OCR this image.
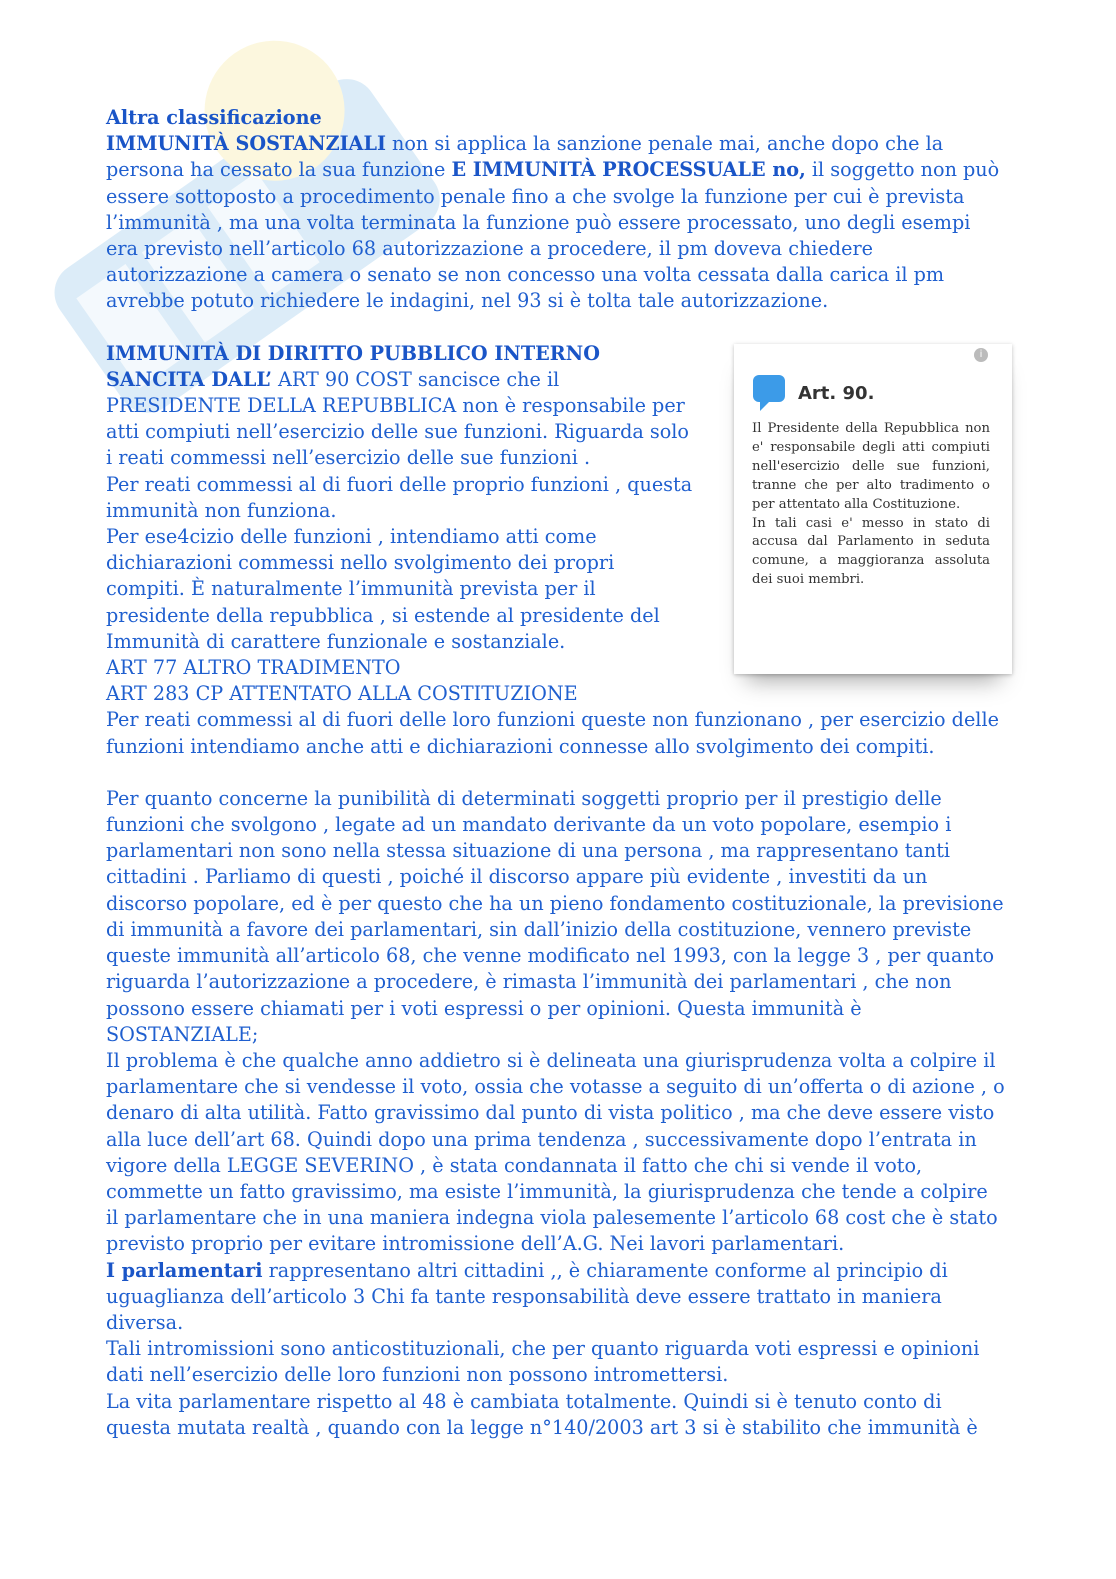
i
Art. 90.

Il Presidente della Repubblica non e' responsabile degli atti compiuti nell'esercizio delle sue funzioni, tranne che per alto tradimento o per attentato alla Costituzione.

In tali casi e' messo in stato di accusa dal Parlamento in seduta comune, a maggioranza assoluta dei suoi membri.

Altra classificazione

IMMUNITÀ SOSTANZIALI non si applica la sanzione penale mai, anche dopo che la persona ha cessato la sua funzione E IMMUNITÀ PROCESSUALE no, il soggetto non può essere sottoposto a procedimento penale fino a che svolge la funzione per cui è prevista l’immunità , ma una volta terminata la funzione può essere processato, uno degli esempi era previsto nell’articolo 68 autorizzazione a procedere, il pm doveva chiedere autorizzazione a camera o senato se non concesso una volta cessata dalla carica il pm avrebbe potuto richiedere le indagini, nel 93 si è tolta tale autorizzazione.

IMMUNITÀ DI DIRITTO PUBBLICO INTERNO SANCITA DALL’ ART 90 COST sancisce che il PRESIDENTE DELLA REPUBBLICA non è responsabile per atti compiuti nell’esercizio delle sue funzioni. Riguarda solo i reati commessi nell’esercizio delle sue funzioni .

Per reati commessi al di fuori delle proprio funzioni , questa immunità non funziona.

Per ese4cizio delle funzioni , intendiamo atti come dichiarazioni commessi nello svolgimento dei propri compiti. È naturalmente l’immunità prevista per il presidente della repubblica , si estende al presidente del Immunità di carattere funzionale e sostanziale.

ART 77 ALTRO TRADIMENTO

ART 283 CP ATTENTATO ALLA COSTITUZIONE

Per reati commessi al di fuori delle loro funzioni queste non funzionano , per esercizio delle funzioni intendiamo anche atti e dichiarazioni connesse allo svolgimento dei compiti.

Per quanto concerne la punibilità di determinati soggetti proprio per il prestigio delle funzioni che svolgono , legate ad un mandato derivante da un voto popolare, esempio i parlamentari non sono nella stessa situazione di una persona , ma rappresentano tanti cittadini . Parliamo di questi , poiché il discorso appare più evidente , investiti da un discorso popolare, ed è per questo che ha un pieno fondamento costituzionale, la previsione di immunità a favore dei parlamentari, sin dall’inizio della costituzione, vennero previste queste immunità all’articolo 68, che venne modificato nel 1993, con la legge 3 , per quanto riguarda l’autorizzazione a procedere, è rimasta l’immunità dei parlamentari , che non possono essere chiamati per i voti espressi o per opinioni. Questa immunità è SOSTANZIALE;

Il problema è che qualche anno addietro si è delineata una giurisprudenza volta a colpire il parlamentare che si vendesse il voto, ossia che votasse a seguito di un’offerta o di azione , o denaro di alta utilità. Fatto gravissimo dal punto di vista politico , ma che deve essere visto alla luce dell’art 68. Quindi dopo una prima tendenza , successivamente dopo l’entrata in vigore della LEGGE SEVERINO , è stata condannata il fatto che chi si vende il voto, commette un fatto gravissimo, ma esiste l’immunità, la giurisprudenza che tende a colpire il parlamentare che in una maniera indegna viola palesemente l’articolo 68 cost che è stato previsto proprio per evitare intromissione dell’A.G. Nei lavori parlamentari.

I parlamentari rappresentano altri cittadini ,, è chiaramente conforme al principio di uguaglianza dell’articolo 3 Chi fa tante responsabilità deve essere trattato in maniera diversa.

Tali intromissioni sono anticostituzionali, che per quanto riguarda voti espressi e opinioni dati nell’esercizio delle loro funzioni non possono intromettersi.

La vita parlamentare rispetto al 48 è cambiata totalmente. Quindi si è tenuto conto di questa mutata realtà , quando con la legge n°140/2003 art 3 si è stabilito che immunità è
